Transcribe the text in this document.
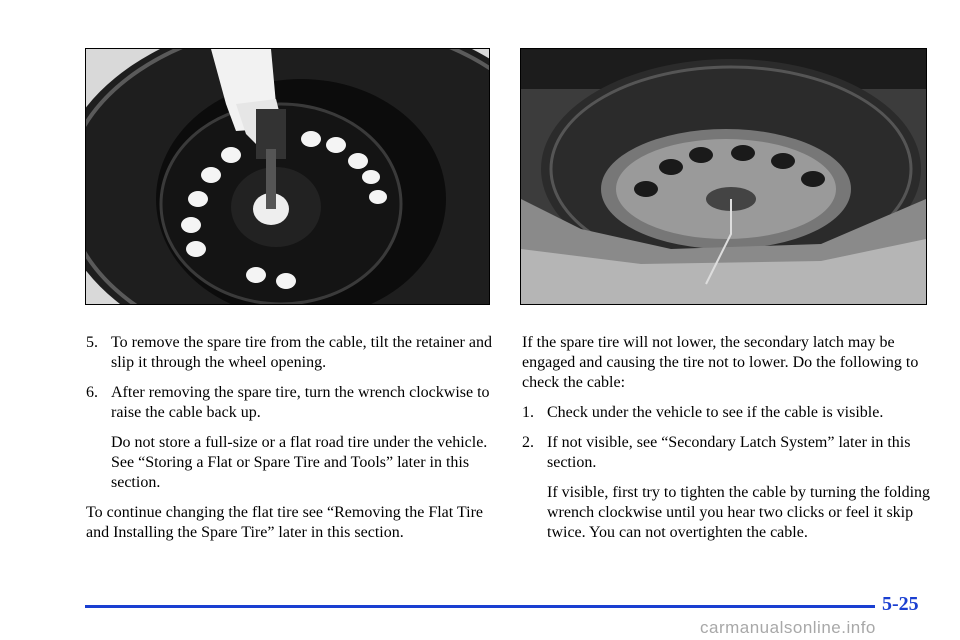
5. To remove the spare tire from the cable, tilt the retainer and slip it through the wheel opening.
6. After removing the spare tire, turn the wrench clockwise to raise the cable back up.

Do not store a full-size or a flat road tire under the vehicle. See “Storing a Flat or Spare Tire and Tools” later in this section.

To continue changing the flat tire see “Removing the Flat Tire and Installing the Spare Tire” later in this section.

If the spare tire will not lower, the secondary latch may be engaged and causing the tire not to lower. Do the following to check the cable:

1. Check under the vehicle to see if the cable is visible.
2. If not visible, see “Secondary Latch System” later in this section.

If visible, first try to tighten the cable by turning the folding wrench clockwise until you hear two clicks or feel it skip twice. You can not overtighten the cable.

5-25
carmanualsonline.info
